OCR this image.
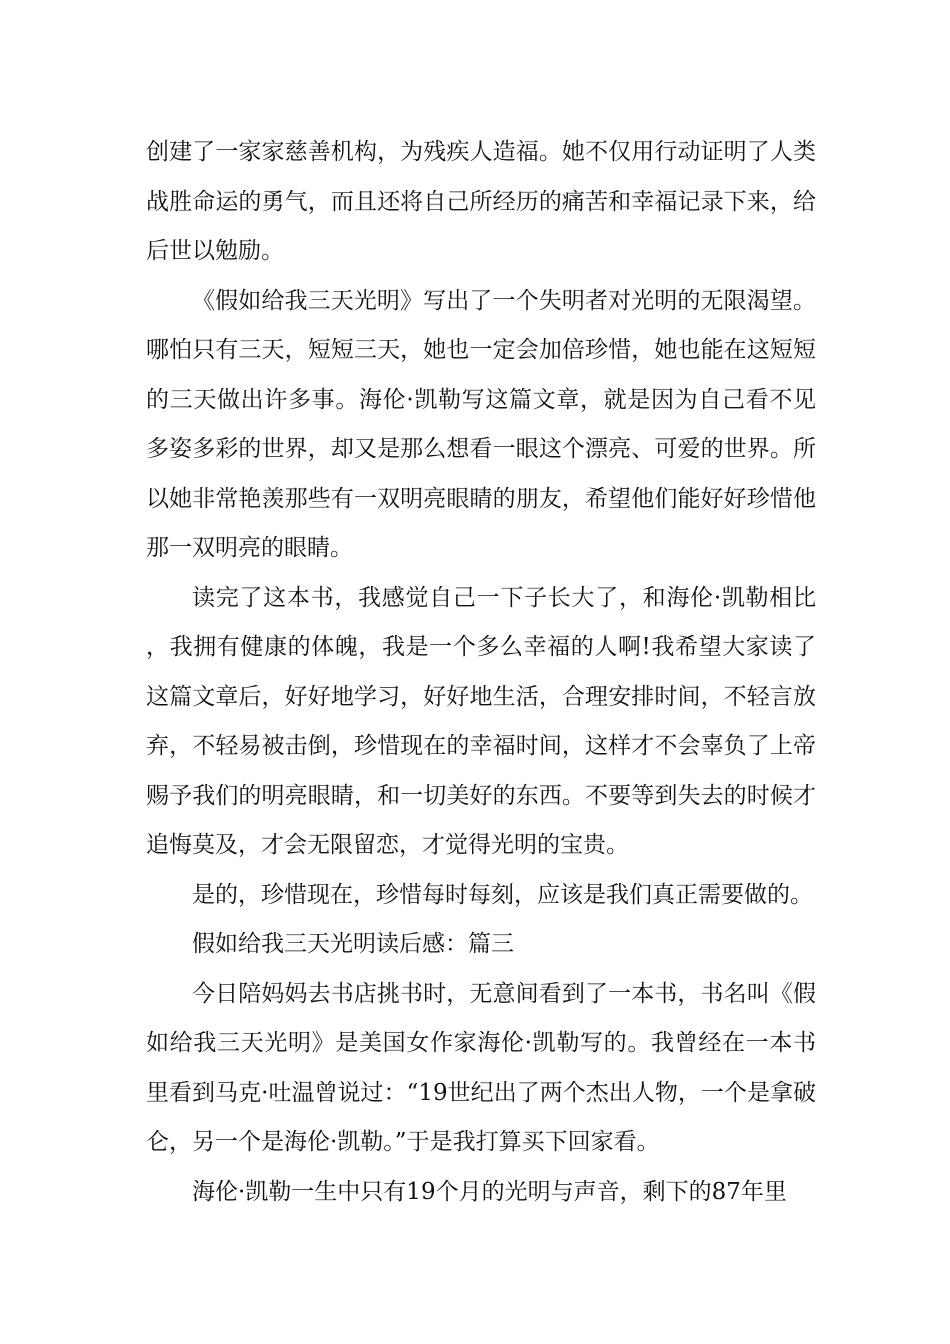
创建了一家家慈善机构，为残疾人造福。她不仅用行动证明了人类战胜命运的勇气，而且还将自己所经历的痛苦和幸福记录下来，给后世以勉励。

《假如给我三天光明》写出了一个失明者对光明的无限渴望。哪怕只有三天，短短三天，她也一定会加倍珍惜，她也能在这短短的三天做出许多事。海伦·凯勒写这篇文章，就是因为自己看不见多姿多彩的世界，却又是那么想看一眼这个漂亮、可爱的世界。所以她非常艳羡那些有一双明亮眼睛的朋友，希望他们能好好珍惜他那一双明亮的眼睛。

读完了这本书，我感觉自己一下子长大了，和海伦·凯勒相比，我拥有健康的体魄，我是一个多么幸福的人啊!我希望大家读了这篇文章后，好好地学习，好好地生活，合理安排时间，不轻言放弃，不轻易被击倒，珍惜现在的幸福时间，这样才不会辜负了上帝赐予我们的明亮眼睛，和一切美好的东西。不要等到失去的时候才追悔莫及，才会无限留恋，才觉得光明的宝贵。

是的，珍惜现在，珍惜每时每刻，应该是我们真正需要做的。

假如给我三天光明读后感：篇三

今日陪妈妈去书店挑书时，无意间看到了一本书，书名叫《假如给我三天光明》是美国女作家海伦·凯勒写的。我曾经在一本书里看到马克·吐温曾说过：“19世纪出了两个杰出人物，一个是拿破仑，另一个是海伦·凯勒。”于是我打算买下回家看。

海伦·凯勒一生中只有19个月的光明与声音，剩下的87年里
